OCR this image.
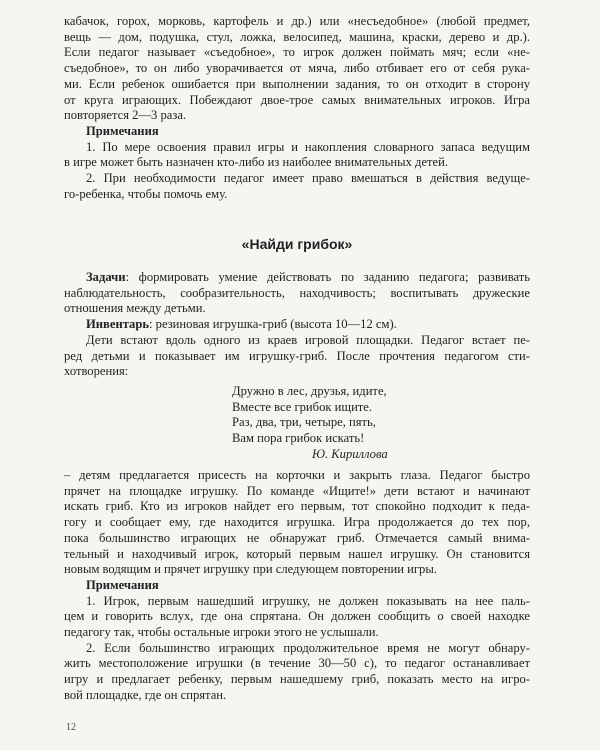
кабачок, горох, морковь, картофель и др.) или «несъедобное» (любой предмет,
вещь — дом, подушка, стул, ложка, велосипед, машина, краски, дерево и др.).
Если педагог называет «съедобное», то игрок должен поймать мяч; если «не-
съедобное», то он либо уворачивается от мяча, либо отбивает его от себя рука-
ми. Если ребенок ошибается при выполнении задания, то он отходит в сторону
от круга играющих. Побеждают двое-трое самых внимательных игроков. Игра
повторяется 2—3 раза.

Примечания

1. По мере освоения правил игры и накопления словарного запаса ведущим
в игре может быть назначен кто-либо из наиболее внимательных детей.

2. При необходимости педагог имеет право вмешаться в действия ведуще-
го-ребенка, чтобы помочь ему.

«Найди грибок»

Задачи: формировать умение действовать по заданию педагога; развивать
наблюдательность, сообразительность, находчивость; воспитывать дружеские
отношения между детьми.

Инвентарь: резиновая игрушка-гриб (высота 10—12 см).

Дети встают вдоль одного из краев игровой площадки. Педагог встает пе-
ред детьми и показывает им игрушку-гриб. После прочтения педагогом сти-
хотворения:

Дружно в лес, друзья, идите,
Вместе все грибок ищите.
Раз, два, три, четыре, пять,
Вам пора грибок искать!
Ю. Кириллова

– детям предлагается присесть на корточки и закрыть глаза. Педагог быстро
прячет на площадке игрушку. По команде «Ищите!» дети встают и начинают
искать гриб. Кто из игроков найдет его первым, тот спокойно подходит к педа-
гогу и сообщает ему, где находится игрушка. Игра продолжается до тех пор,
пока большинство играющих не обнаружат гриб. Отмечается самый внима-
тельный и находчивый игрок, который первым нашел игрушку. Он становится
новым водящим и прячет игрушку при следующем повторении игры.

Примечания

1. Игрок, первым нашедший игрушку, не должен показывать на нее паль-
цем и говорить вслух, где она спрятана. Он должен сообщить о своей находке
педагогу так, чтобы остальные игроки этого не услышали.

2. Если большинство играющих продолжительное время не могут обнару-
жить местоположение игрушки (в течение 30—50 с), то педагог останавливает
игру и предлагает ребенку, первым нашедшему гриб, показать место на игро-
вой площадке, где он спрятан.

12
